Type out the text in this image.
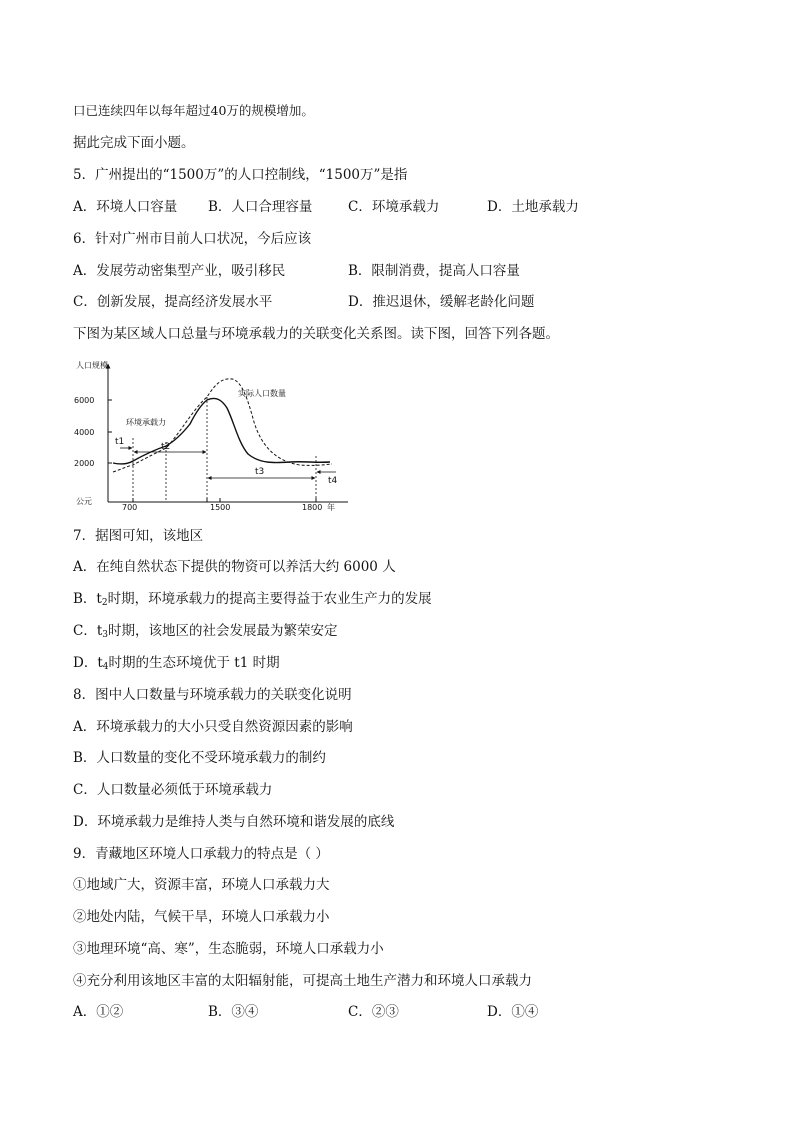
口已连续四年以每年超过40万的规模增加。
据此完成下面小题。
5．广州提出的“1500万”的人口控制线，“1500万”是指
A．环境人口容量 B．人口合理容量	C．环境承载力	D．土地承载力
6．针对广州市目前人口状况，今后应该
A．发展劳动密集型产业，吸引移民	B．限制消费，提高人口容量
C．创新发展，提高经济发展水平	D．推迟退休，缓解老龄化问题
下图为某区域人口总量与环境承载力的关联变化关系图。读下图，回答下列各题。
人口规模
6000
4000
2000
公元
700	1500	1800 年
环境承载力
实际人口数量
t1	t2
t3
t4
7．据图可知，该地区
A．在纯自然状态下提供的物资可以养活大约 6000 人
B．$t_2$时期，环境承载力的提高主要得益于农业生产力的发展
C．$t_3$时期，该地区的社会发展最为繁荣安定
D．$t_4$时期的生态环境优于 t1 时期
8．图中人口数量与环境承载力的关联变化说明
A．环境承载力的大小只受自然资源因素的影响
B．人口数量的变化不受环境承载力的制约
C．人口数量必须低于环境承载力
D．环境承载力是维持人类与自然环境和谐发展的底线
9．青藏地区环境人口承载力的特点是（ ）
①地域广大，资源丰富，环境人口承载力大
②地处内陆，气候干旱，环境人口承载力小
③地理环境“高、寒”，生态脆弱，环境人口承载力小
④充分利用该地区丰富的太阳辐射能，可提高土地生产潜力和环境人口承载力
A．①②	B．③④	C．②③	D．①④
